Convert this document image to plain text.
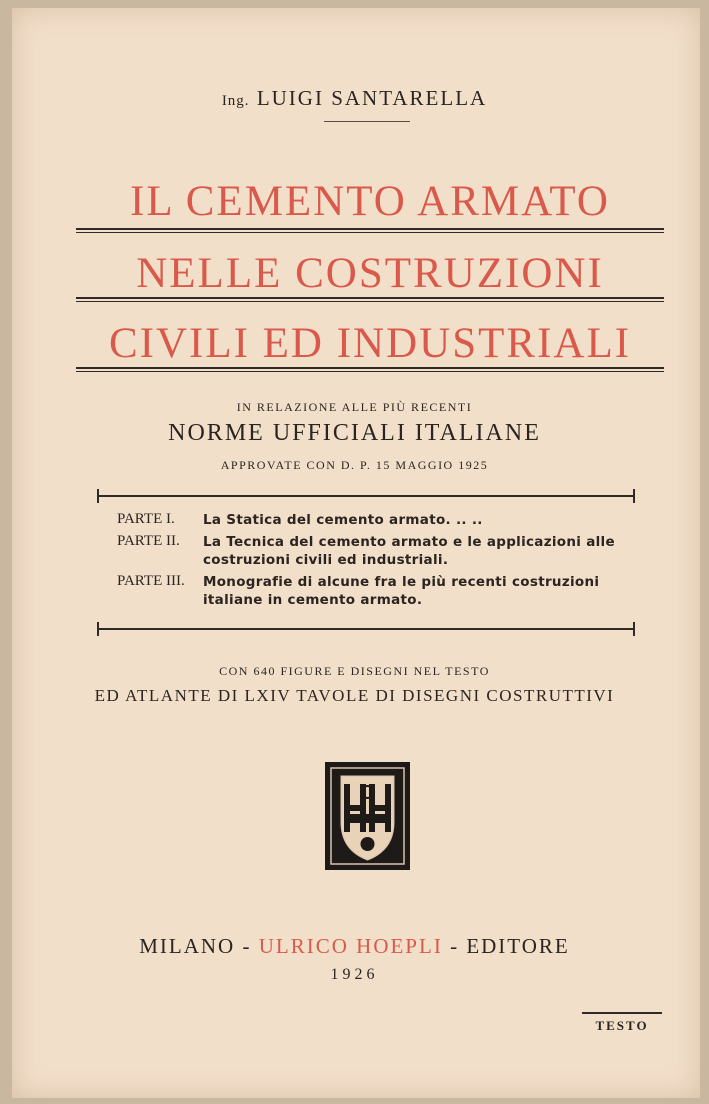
Ing. LUIGI SANTARELLA
IL CEMENTO ARMATO
NELLE COSTRUZIONI
CIVILI ED INDUSTRIALI
IN RELAZIONE ALLE PIÙ RECENTI
NORME UFFICIALI ITALIANE
APPROVATE CON D. P. 15 MAGGIO 1925
PARTE I.	La Statica del cemento armato. .. ..
PARTE II.	La Tecnica del cemento armato e le applicazioni alle costruzioni civili ed industriali.
PARTE III.	Monografie di alcune fra le più recenti costruzioni italiane in cemento armato.
CON 640 FIGURE E DISEGNI NEL TESTO
ED ATLANTE DI LXIV TAVOLE DI DISEGNI COSTRUTTIVI
MILANO - ULRICO HOEPLI - EDITORE
1926
TESTO
